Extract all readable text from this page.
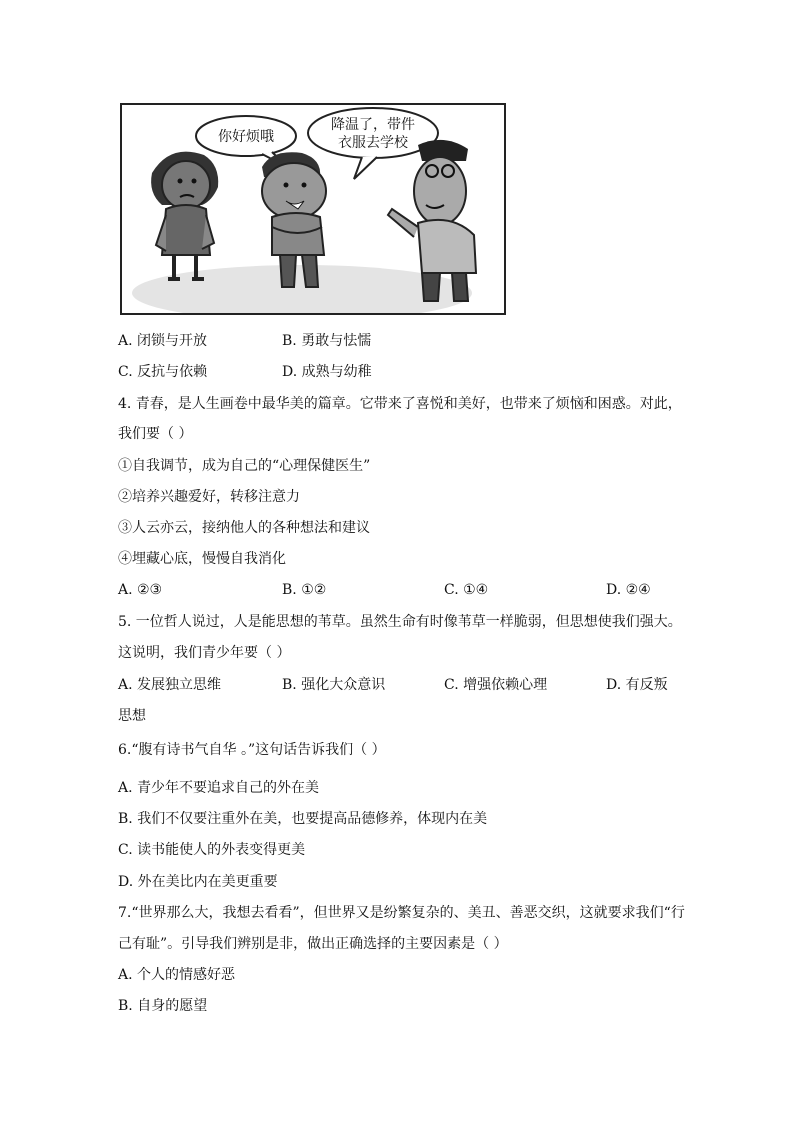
你好烦哦
降温了，带件
衣服去学校
A. 闭锁与开放	B. 勇敢与怯懦
C. 反抗与依赖	D. 成熟与幼稚
4. 青春，是人生画卷中最华美的篇章。它带来了喜悦和美好，也带来了烦恼和困惑。对此，
我们要（ ）
①自我调节，成为自己的“心理保健医生”
②培养兴趣爱好，转移注意力
③人云亦云，接纳他人的各种想法和建议
④埋藏心底，慢慢自我消化
A. ②③	B. ①②	C. ①④	D. ②④
5. 一位哲人说过，人是能思想的苇草。虽然生命有时像苇草一样脆弱，但思想使我们强大。
这说明，我们青少年要（ ）
A. 发展独立思维	B. 强化大众意识	C. 增强依赖心理	D. 有反叛
思想
6.“腹有诗书气自华 。”这句话告诉我们（ ）
A. 青少年不要追求自己的外在美
B. 我们不仅要注重外在美，也要提高品德修养，体现内在美
C. 读书能使人的外表变得更美
D. 外在美比内在美更重要
7.“世界那么大，我想去看看”，但世界又是纷繁复杂的、美丑、善恶交织，这就要求我们“行
己有耻”。引导我们辨别是非，做出正确选择的主要因素是（ ）
A. 个人的情感好恶
B. 自身的愿望
